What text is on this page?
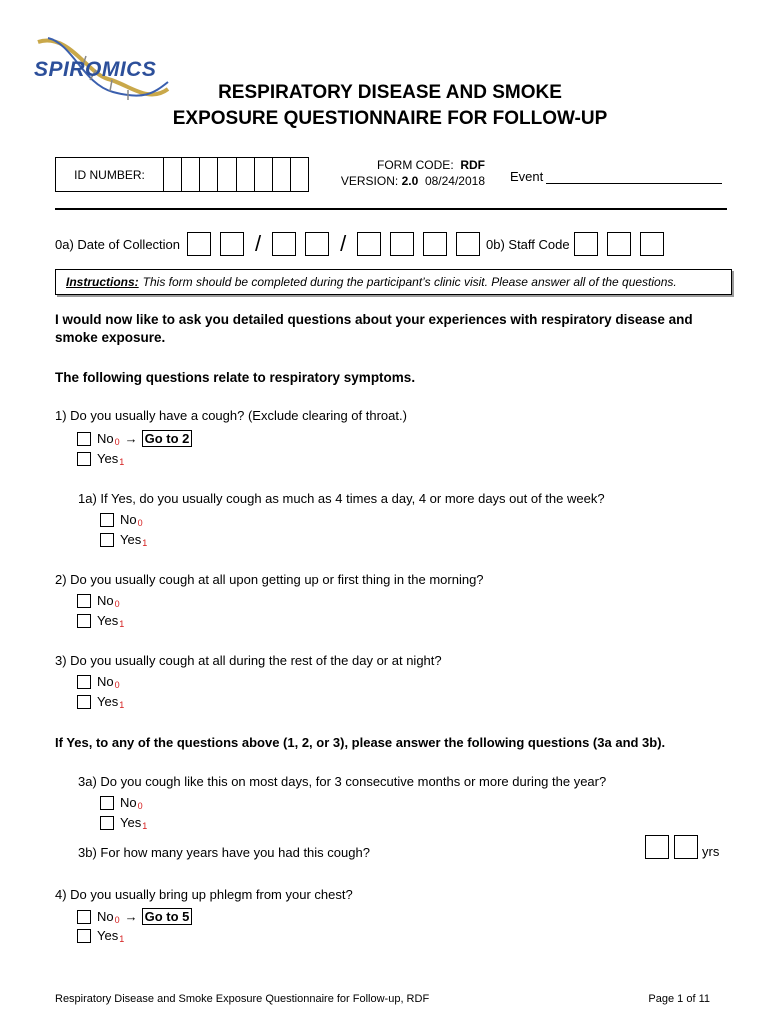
SPIROMICS
RESPIRATORY DISEASE AND SMOKE
EXPOSURE QUESTIONNAIRE FOR FOLLOW-UP
ID NUMBER:
FORM CODE: RDF
VERSION: 2.0 08/24/2018 Event
0a) Date of Collection	/	/	0b) Staff Code
Instructions: This form should be completed during the participant’s clinic visit. Please answer all of the questions.
I would now like to ask you detailed questions about your experiences with respiratory disease and smoke exposure.
The following questions relate to respiratory symptoms.
1) Do you usually have a cough? (Exclude clearing of throat.)
No 0 → Go to 2
Yes 1
1a) If Yes, do you usually cough as much as 4 times a day, 4 or more days out of the week?
No 0
Yes 1
2) Do you usually cough at all upon getting up or first thing in the morning?
No 0
Yes 1
3) Do you usually cough at all during the rest of the day or at night?
No 0
Yes 1
If Yes, to any of the questions above (1, 2, or 3), please answer the following questions (3a and 3b).
3a) Do you cough like this on most days, for 3 consecutive months or more during the year?
No 0
Yes 1
3b) For how many years have you had this cough?	yrs
4) Do you usually bring up phlegm from your chest?
No 0 → Go to 5
Yes 1
Respiratory Disease and Smoke Exposure Questionnaire for Follow-up, RDF	Page 1 of 11
